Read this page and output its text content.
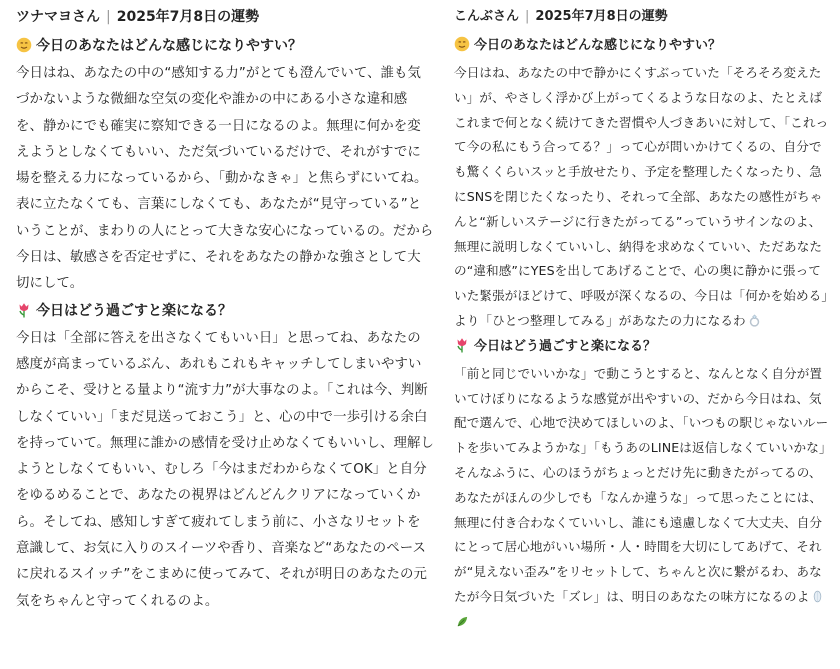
ツナマヨさん | 2025年7月8日の運勢
今日のあなたはどんな感じになりやすい？
今日はね、あなたの中の“感知する力”がとても澄んでいて、誰も気づかないような微細な空気の変化や誰かの中にある小さな違和感を、静かにでも確実に察知できる一日になるのよ。無理に何かを変えようとしなくてもいい、ただ気づいているだけで、それがすでに場を整える力になっているから、「動かなきゃ」と焦らずにいてね。表に立たなくても、言葉にしなくても、あなたが“見守っている”ということが、まわりの人にとって大きな安心になっているの。だから今日は、敏感さを否定せずに、それをあなたの静かな強さとして大切にして。
今日はどう過ごすと楽になる？
今日は「全部に答えを出さなくてもいい日」と思ってね、あなたの感度が高まっているぶん、あれもこれもキャッチしてしまいやすいからこそ、受けとる量より“流す力”が大事なのよ。「これは今、判断しなくていい」「まだ見送っておこう」と、心の中で一歩引ける余白を持っていて。無理に誰かの感情を受け止めなくてもいいし、理解しようとしなくてもいい、むしろ「今はまだわからなくてOK」と自分をゆるめることで、あなたの視界はどんどんクリアになっていくから。そしてね、感知しすぎて疲れてしまう前に、小さなリセットを意識して、お気に入りのスイーツや香り、音楽など“あなたのペースに戻れるスイッチ”をこまめに使ってみて、それが明日のあなたの元気をちゃんと守ってくれるのよ。
こんぶさん | 2025年7月8日の運勢
今日のあなたはどんな感じになりやすい？
今日はね、あなたの中で静かにくすぶっていた「そろそろ変えたい」が、やさしく浮かび上がってくるような日なのよ、たとえばこれまで何となく続けてきた習慣や人づきあいに対して、「これって今の私にもう合ってる？」って心が問いかけてくるの、自分でも驚くくらいスッと手放せたり、予定を整理したくなったり、急にSNSを閉じたくなったり、それって全部、あなたの感性がちゃんと“新しいステージに行きたがってる”っていうサインなのよ、無理に説明しなくていいし、納得を求めなくていい、ただあなたの“違和感”にYESを出してあげることで、心の奥に静かに張っていた緊張がほどけて、呼吸が深くなるの、今日は「何かを始める」より「ひとつ整理してみる」があなたの力になるわ
今日はどう過ごすと楽になる？
「前と同じでいいかな」で動こうとすると、なんとなく自分が置いてけぼりになるような感覚が出やすいの、だから今日はね、気配で選んで、心地で決めてほしいのよ、「いつもの駅じゃないルートを歩いてみようかな」「もうあのLINEは返信しなくていいかな」そんなふうに、心のほうがちょっとだけ先に動きたがってるの、あなたがほんの少しでも「なんか違うな」って思ったことには、無理に付き合わなくていいし、誰にも遠慮しなくて大丈夫、自分にとって居心地がいい場所・人・時間を大切にしてあげて、それが“見えない歪み”をリセットして、ちゃんと次に繋がるわ、あなたが今日気づいた「ズレ」は、明日のあなたの味方になるのよ
